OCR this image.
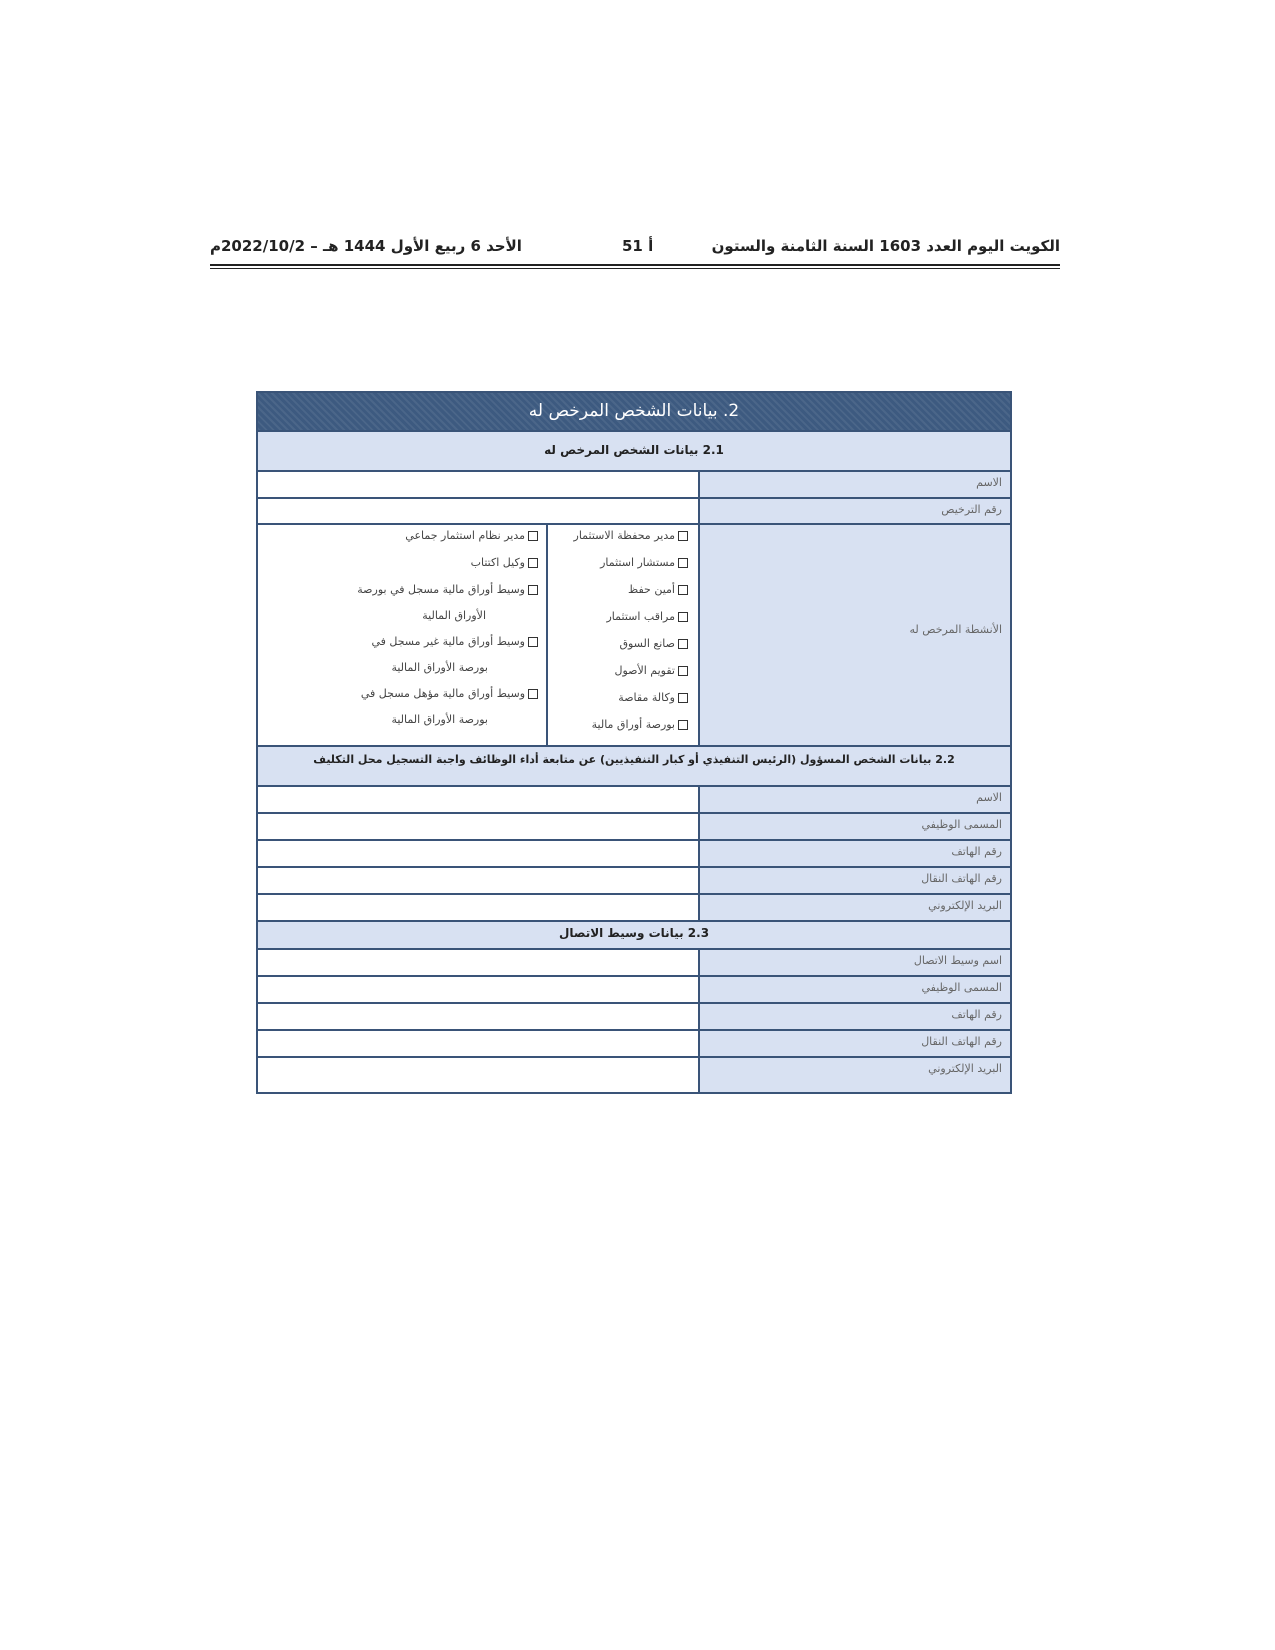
الكويت اليوم العدد 1603 السنة الثامنة والستون
أ 51
الأحد 6 ربيع الأول 1444 هـ – 2022/10/2م
2. بيانات الشخص المرخص له
2.1 بيانات الشخص المرخص له
الاسم
رقم الترخيص
الأنشطة المرخص له
مدير محفظة الاستثمار
مستشار استثمار
أمين حفظ
مراقب استثمار
صانع السوق
تقويم الأصول
وكالة مقاصة
بورصة أوراق مالية
مدير نظام استثمار جماعي
وكيل اكتتاب
وسيط أوراق مالية مسجل في بورصة
الأوراق المالية
وسيط أوراق مالية غير مسجل في
بورصة الأوراق المالية
وسيط أوراق مالية مؤهل مسجل في
بورصة الأوراق المالية
2.2 بيانات الشخص المسؤول (الرئيس التنفيذي أو كبار التنفيذيين) عن متابعة أداء الوظائف واجبة التسجيل محل التكليف
الاسم
المسمى الوظيفي
رقم الهاتف
رقم الهاتف النقال
البريد الإلكتروني
2.3 بيانات وسيط الاتصال
اسم وسيط الاتصال
المسمى الوظيفي
رقم الهاتف
رقم الهاتف النقال
البريد الإلكتروني
